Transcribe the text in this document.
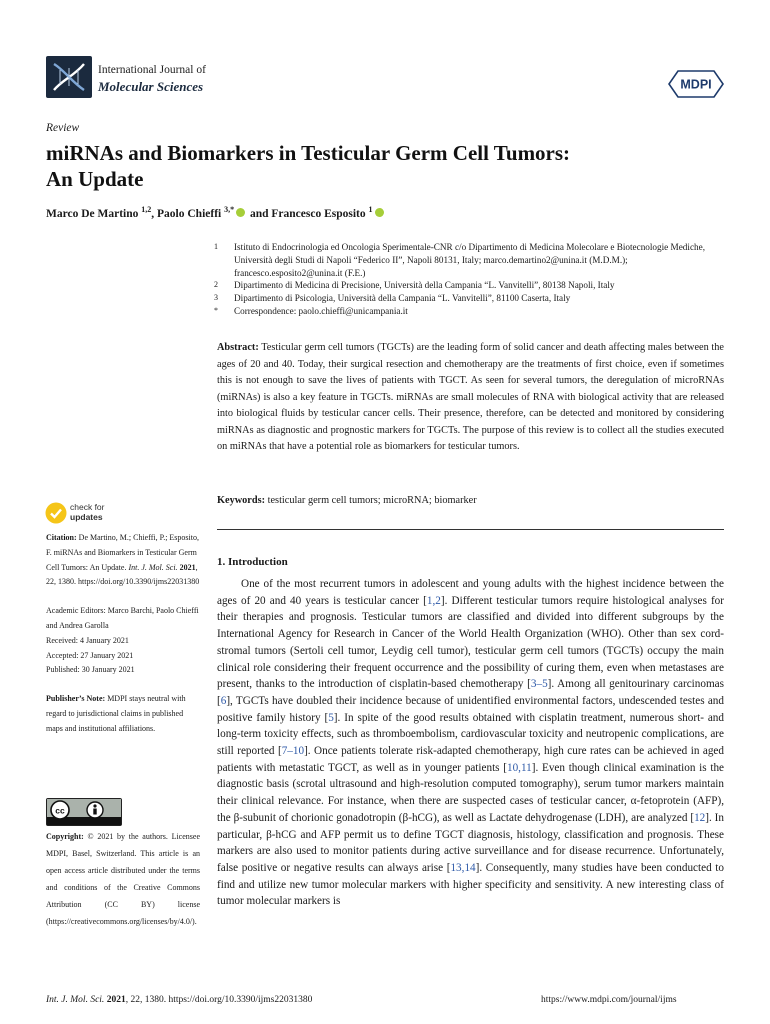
International Journal of
Molecular Sciences	MDPI
Review
miRNAs and Biomarkers in Testicular Germ Cell Tumors:
An Update
Marco De Martino $^{1,2}$, Paolo Chieffi $^{3,*}$ and Francesco Esposito $^1$
1 Istituto di Endocrinologia ed Oncologia Sperimentale-CNR c/o Dipartimento di Medicina Molecolare e Biotecnologie Mediche, Università degli Studi di Napoli “Federico II”, Napoli 80131, Italy; marco.demartino2@unina.it (M.D.M.); francesco.esposito2@unina.it (F.E.)
2 Dipartimento di Medicina di Precisione, Università della Campania “L. Vanvitelli”, 80138 Napoli, Italy
3 Dipartimento di Psicologia, Università della Campania “L. Vanvitelli”, 81100 Caserta, Italy
* Correspondence: paolo.chieffi@unicampania.it
Abstract: Testicular germ cell tumors (TGCTs) are the leading form of solid cancer and death affecting males between the ages of 20 and 40. Today, their surgical resection and chemotherapy are the treatments of first choice, even if sometimes this is not enough to save the lives of patients with TGCT. As seen for several tumors, the deregulation of microRNAs (miRNAs) is also a key feature in TGCTs. miRNAs are small molecules of RNA with biological activity that are released into biological fluids by testicular cancer cells. Their presence, therefore, can be detected and monitored by considering miRNAs as diagnostic and prognostic markers for TGCTs. The purpose of this review is to collect all the studies executed on miRNAs that have a potential role as biomarkers for testicular tumors.
Keywords: testicular germ cell tumors; microRNA; biomarker
check for
updates

Citation: De Martino, M.; Chieffi, P.; Esposito, F. miRNAs and Biomarkers in Testicular Germ Cell Tumors: An Update. Int. J. Mol. Sci. 2021, 22, 1380. https://doi.org/10.3390/ijms22031380

Academic Editors: Marco Barchi, Paolo Chieffi and Andrea Garolla

Received: 4 January 2021

Accepted: 27 January 2021

Published: 30 January 2021

Publisher’s Note: MDPI stays neutral with regard to jurisdictional claims in published maps and institutional affiliations.

cc
Copyright: © 2021 by the authors. Licensee MDPI, Basel, Switzerland. This article is an open access article distributed under the terms and conditions of the Creative Commons Attribution (CC BY) license (https://creativecommons.org/licenses/by/4.0/).
1. Introduction
One of the most recurrent tumors in adolescent and young adults with the highest incidence between the ages of 20 and 40 years is testicular cancer [1,2]. Different testicular tumors require histological analyses for their therapies and prognosis. Testicular tumors are classified and divided into different subgroups by the International Agency for Research in Cancer of the World Health Organization (WHO). Other than sex cord-stromal tumors (Sertoli cell tumor, Leydig cell tumor), testicular germ cell tumors (TGCTs) occupy the main clinical role considering their frequent occurrence and the possibility of curing them, even when metastases are present, thanks to the introduction of cisplatin-based chemotherapy [3–5]. Among all genitourinary carcinomas [6], TGCTs have doubled their incidence because of unidentified environmental factors, undescended testes and positive family history [5]. In spite of the good results obtained with cisplatin treatment, numerous short- and long-term toxicity effects, such as thromboembolism, cardiovascular toxicity and neutropenic complications, are still reported [7–10]. Once patients tolerate risk-adapted chemotherapy, high cure rates can be achieved in aged patients with metastatic TGCT, as well as in younger patients [10,11]. Even though clinical examination is the diagnostic basis (scrotal ultrasound and high-resolution computed tomography), serum tumor markers maintain their clinical relevance. For instance, when there are suspected cases of testicular cancer, α-fetoprotein (AFP), the β-subunit of chorionic gonadotropin (β-hCG), as well as Lactate dehydrogenase (LDH), are analyzed [12]. In particular, β-hCG and AFP permit us to define TGCT diagnosis, histology, classification and prognosis. These markers are also used to monitor patients during active surveillance and for disease recurrence. Unfortunately, false positive or negative results can always arise [13,14]. Consequently, many studies have been conducted to find and utilize new tumor molecular markers with higher specificity and sensitivity. A new interesting class of tumor molecular markers is
Int. J. Mol. Sci. 2021, 22, 1380. https://doi.org/10.3390/ijms22031380	https://www.mdpi.com/journal/ijms
